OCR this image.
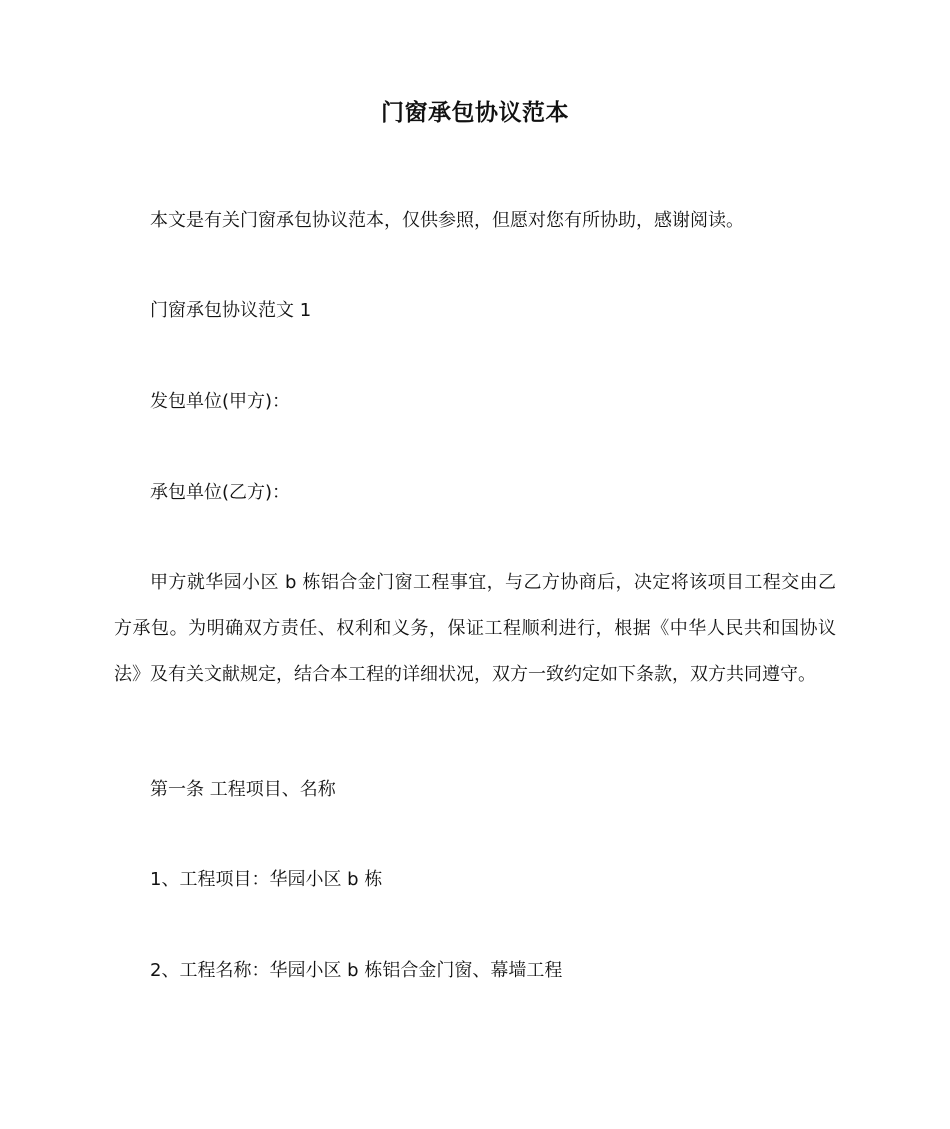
门窗承包协议范本
本文是有关门窗承包协议范本，仅供参照，但愿对您有所协助，感谢阅读。
门窗承包协议范文 1
发包单位(甲方)：
承包单位(乙方)：
甲方就华园小区 b 栋铝合金门窗工程事宜，与乙方协商后，决定将该项目工程交由乙
方承包。为明确双方责任、权利和义务，保证工程顺利进行，根据《中华人民共和国协议
法》及有关文献规定，结合本工程的详细状况，双方一致约定如下条款，双方共同遵守。
第一条 工程项目、名称
1、工程项目：华园小区 b 栋
2、工程名称：华园小区 b 栋铝合金门窗、幕墙工程
